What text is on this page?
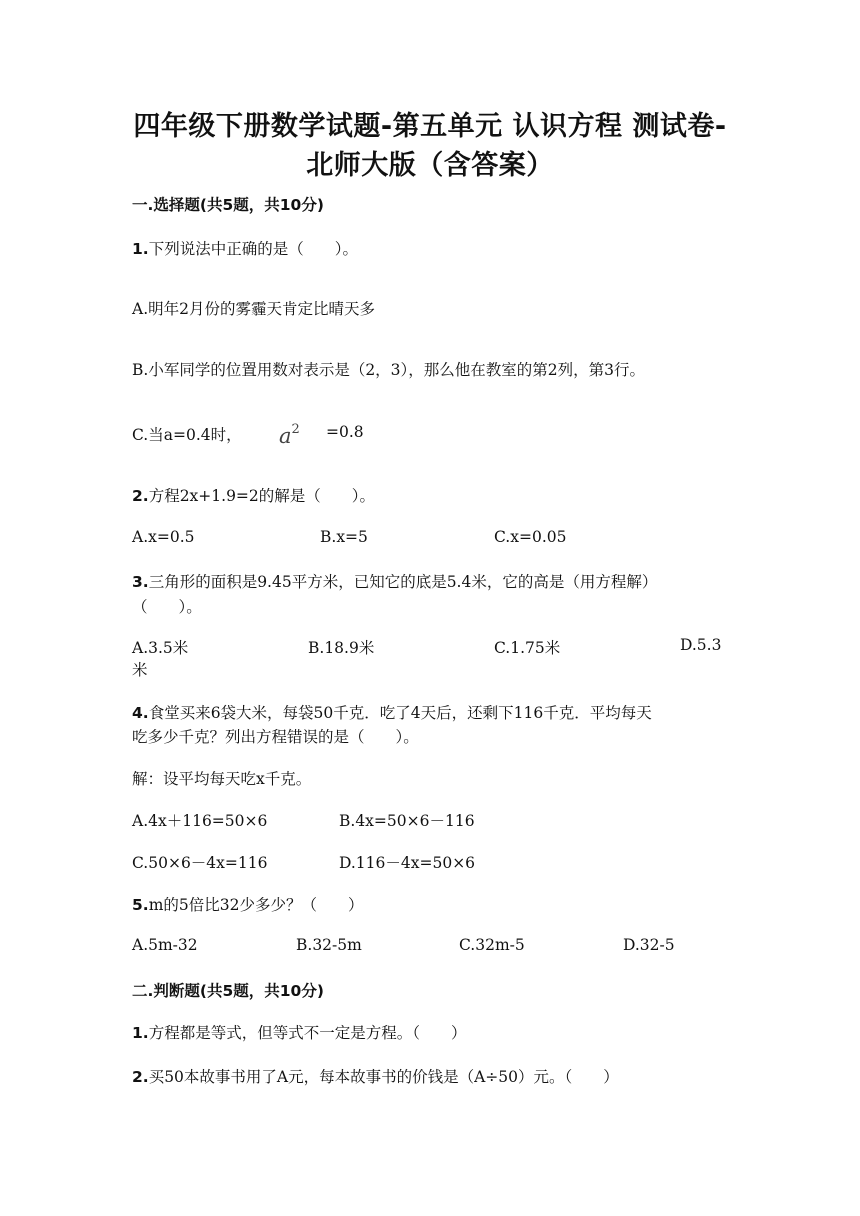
四年级下册数学试题-第五单元 认识方程 测试卷-
北师大版（含答案）
一.选择题(共5题，共10分)
1.下列说法中正确的是（　　）。
A.明年2月份的雾霾天肯定比晴天多
B.小军同学的位置用数对表示是（2，3），那么他在教室的第2列，第3行。
C.当a=0.4时， $a^2 =0.8$
2.方程2x+1.9=2的解是（　　）。
A.x=0.5	B.x=5	C.x=0.05
3.三角形的面积是9.45平方米，已知它的底是5.4米，它的高是（用方程解）
（　　）。
A.3.5米	B.18.9米	C.1.75米	D.5.3
米
4.食堂买来6袋大米，每袋50千克．吃了4天后，还剩下116千克．平均每天
吃多少千克？列出方程错误的是（　　）。
解：设平均每天吃x千克。
A.4x＋116=50×6	B.4x=50×6－116
C.50×6－4x=116	D.116－4x=50×6
5.m的5倍比32少多少？（　　）
A.5m-32	B.32-5m	C.32m-5	D.32-5
二.判断题(共5题，共10分)
1.方程都是等式，但等式不一定是方程。（　　）
2.买50本故事书用了A元，每本故事书的价钱是（A÷50）元。（　　）
